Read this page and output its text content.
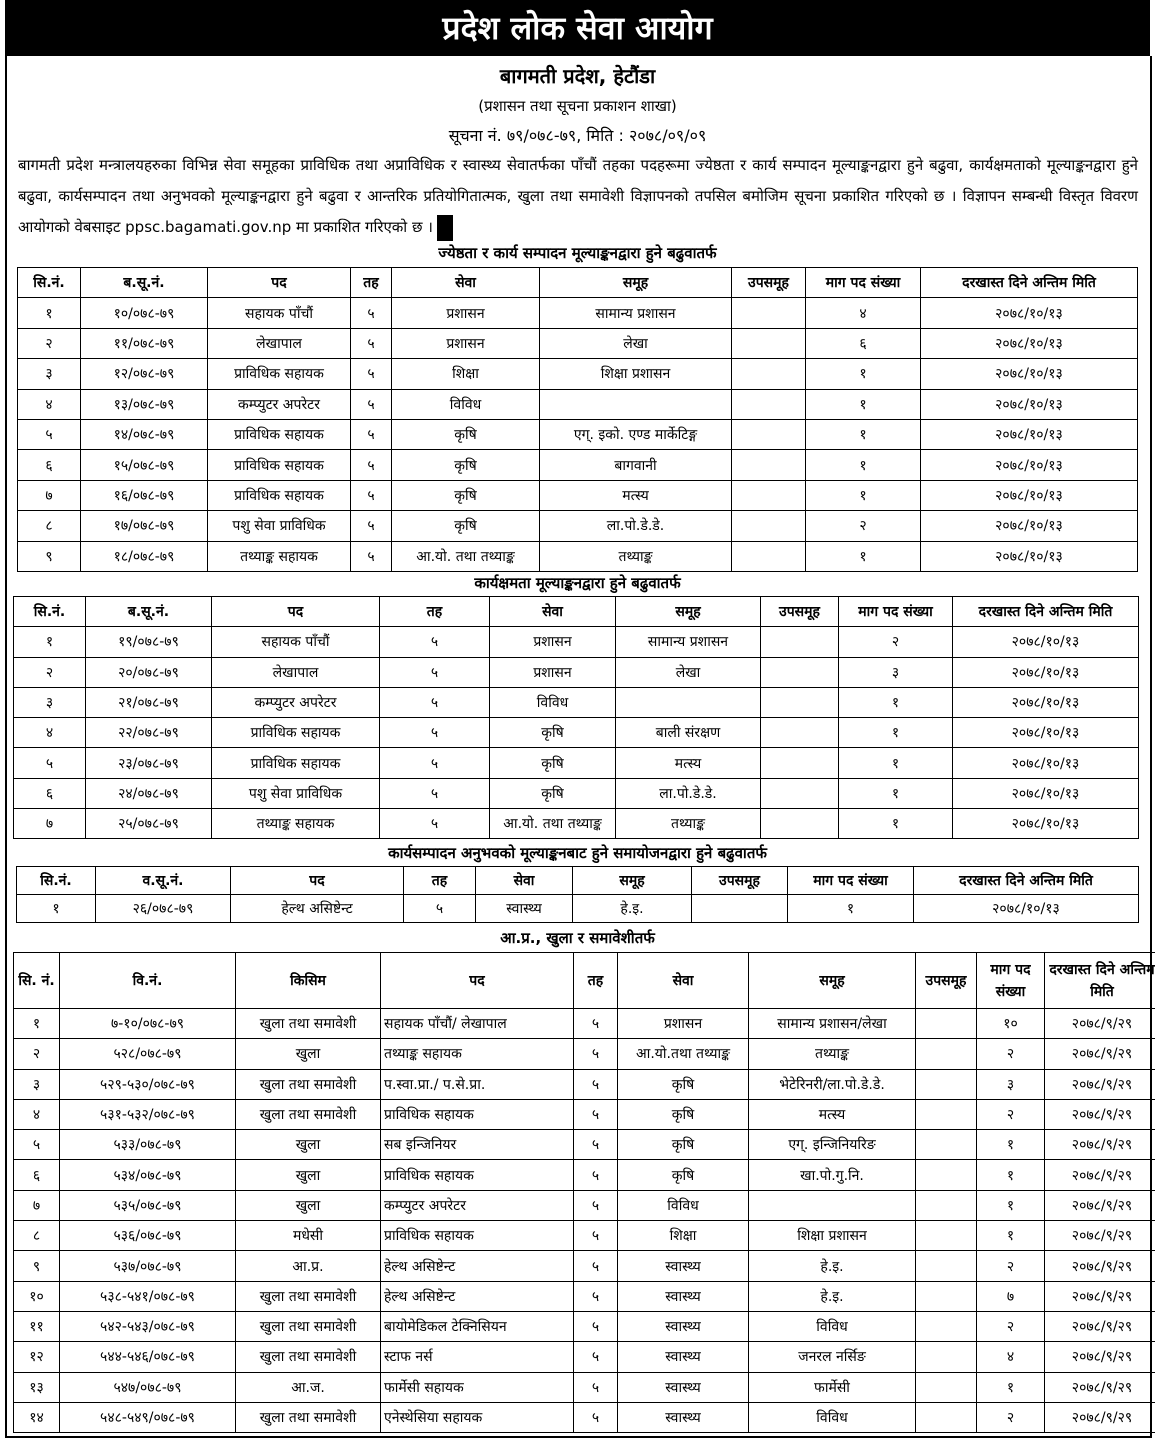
प्रदेश लोक सेवा आयोग
बागमती प्रदेश, हेटौंडा
(प्रशासन तथा सूचना प्रकाशन शाखा)
सूचना नं. ७९/०७८-७९, मिति : २०७८/०९/०९
बागमती प्रदेश मन्त्रालयहरुका विभिन्न सेवा समूहका प्राविधिक तथा अप्राविधिक र स्वास्थ्य सेवातर्फका पाँचौं तहका पदहरूमा ज्येष्ठता र कार्य सम्पादन मूल्याङ्कनद्वारा हुने बढुवा, कार्यक्षमताको मूल्याङ्कनद्वारा हुने बढुवा, कार्यसम्पादन तथा अनुभवको मूल्याङ्कनद्वारा हुने बढुवा र आन्तरिक प्रतियोगितात्मक, खुला तथा समावेशी विज्ञापनको तपसिल बमोजिम सूचना प्रकाशित गरिएको छ । विज्ञापन सम्बन्धी विस्तृत विवरण आयोगको वेबसाइट ppsc.bagamati.gov.np मा प्रकाशित गरिएको छ ।
ज्येष्ठता र कार्य सम्पादन मूल्याङ्कनद्वारा हुने बढुवातर्फ
सि.नं.	ब.सू.नं.	पद	तह	सेवा	समूह	उपसमूह	माग पद संख्या	दरखास्त दिने अन्तिम मिति
१	१०/०७८-७९	सहायक पाँचौं	५	प्रशासन	सामान्य प्रशासन		४	२०७८/१०/१३
२	११/०७८-७९	लेखापाल	५	प्रशासन	लेखा		६	२०७८/१०/१३
३	१२/०७८-७९	प्राविधिक सहायक	५	शिक्षा	शिक्षा प्रशासन		१	२०७८/१०/१३
४	१३/०७८-७९	कम्प्युटर अपरेटर	५	विविध			१	२०७८/१०/१३
५	१४/०७८-७९	प्राविधिक सहायक	५	कृषि	एग्. इको. एण्ड मार्केटिङ्ग		१	२०७८/१०/१३
६	१५/०७८-७९	प्राविधिक सहायक	५	कृषि	बागवानी		१	२०७८/१०/१३
७	१६/०७८-७९	प्राविधिक सहायक	५	कृषि	मत्स्य		१	२०७८/१०/१३
८	१७/०७८-७९	पशु सेवा प्राविधिक	५	कृषि	ला.पो.डे.डे.		२	२०७८/१०/१३
९	१८/०७८-७९	तथ्याङ्क सहायक	५	आ.यो. तथा तथ्याङ्क	तथ्याङ्क		१	२०७८/१०/१३
कार्यक्षमता मूल्याङ्कनद्वारा हुने बढुवातर्फ
सि.नं.	ब.सू.नं.	पद	तह	सेवा	समूह	उपसमूह	माग पद संख्या	दरखास्त दिने अन्तिम मिति
१	१९/०७८-७९	सहायक पाँचौं	५	प्रशासन	सामान्य प्रशासन		२	२०७८/१०/१३
२	२०/०७८-७९	लेखापाल	५	प्रशासन	लेखा		३	२०७८/१०/१३
३	२१/०७८-७९	कम्प्युटर अपरेटर	५	विविध			१	२०७८/१०/१३
४	२२/०७८-७९	प्राविधिक सहायक	५	कृषि	बाली संरक्षण		१	२०७८/१०/१३
५	२३/०७८-७९	प्राविधिक सहायक	५	कृषि	मत्स्य		१	२०७८/१०/१३
६	२४/०७८-७९	पशु सेवा प्राविधिक	५	कृषि	ला.पो.डे.डे.		१	२०७८/१०/१३
७	२५/०७८-७९	तथ्याङ्क सहायक	५	आ.यो. तथा तथ्याङ्क	तथ्याङ्क		१	२०७८/१०/१३
कार्यसम्पादन अनुभवको मूल्याङ्कनबाट हुने समायोजनद्वारा हुने बढुवातर्फ
सि.नं.	व.सू.नं.	पद	तह	सेवा	समूह	उपसमूह	माग पद संख्या	दरखास्त दिने अन्तिम मिति
१	२६/०७८-७९	हेल्थ असिष्टेन्ट	५	स्वास्थ्य	हे.इ.		१	२०७८/१०/१३
आ.प्र., खुला र समावेशीतर्फ
सि. नं.	वि.नं.	किसिम	पद	तह	सेवा	समूह	उपसमूह	माग पद संख्या	दरखास्त दिने अन्तिम मिति
१	७-१०/०७८-७९	खुला तथा समावेशी	सहायक पाँचौं/ लेखापाल	५	प्रशासन	सामान्य प्रशासन/लेखा		१०	२०७८/९/२९
२	५२८/०७८-७९	खुला	तथ्याङ्क सहायक	५	आ.यो.तथा तथ्याङ्क	तथ्याङ्क		२	२०७८/९/२९
३	५२९-५३०/०७८-७९	खुला तथा समावेशी	प.स्वा.प्रा./ प.से.प्रा.	५	कृषि	भेटेरिनरी/ला.पो.डे.डे.		३	२०७८/९/२९
४	५३१-५३२/०७८-७९	खुला तथा समावेशी	प्राविधिक सहायक	५	कृषि	मत्स्य		२	२०७८/९/२९
५	५३३/०७८-७९	खुला	सब इन्जिनियर	५	कृषि	एग्. इन्जिनियरिङ		१	२०७८/९/२९
६	५३४/०७८-७९	खुला	प्राविधिक सहायक	५	कृषि	खा.पो.गु.नि.		१	२०७८/९/२९
७	५३५/०७८-७९	खुला	कम्प्युटर अपरेटर	५	विविध			१	२०७८/९/२९
८	५३६/०७८-७९	मधेसी	प्राविधिक सहायक	५	शिक्षा	शिक्षा प्रशासन		१	२०७८/९/२९
९	५३७/०७८-७९	आ.प्र.	हेल्थ असिष्टेन्ट	५	स्वास्थ्य	हे.इ.		२	२०७८/९/२९
१०	५३८-५४१/०७८-७९	खुला तथा समावेशी	हेल्थ असिष्टेन्ट	५	स्वास्थ्य	हे.इ.		७	२०७८/९/२९
११	५४२-५४३/०७८-७९	खुला तथा समावेशी	बायोमेडिकल टेक्निसियन	५	स्वास्थ्य	विविध		२	२०७८/९/२९
१२	५४४-५४६/०७८-७९	खुला तथा समावेशी	स्टाफ नर्स	५	स्वास्थ्य	जनरल नर्सिङ		४	२०७८/९/२९
१३	५४७/०७८-७९	आ.ज.	फार्मेसी सहायक	५	स्वास्थ्य	फार्मेसी		१	२०७८/९/२९
१४	५४८-५४९/०७८-७९	खुला तथा समावेशी	एनेस्थेसिया सहायक	५	स्वास्थ्य	विविध		२	२०७८/९/२९
